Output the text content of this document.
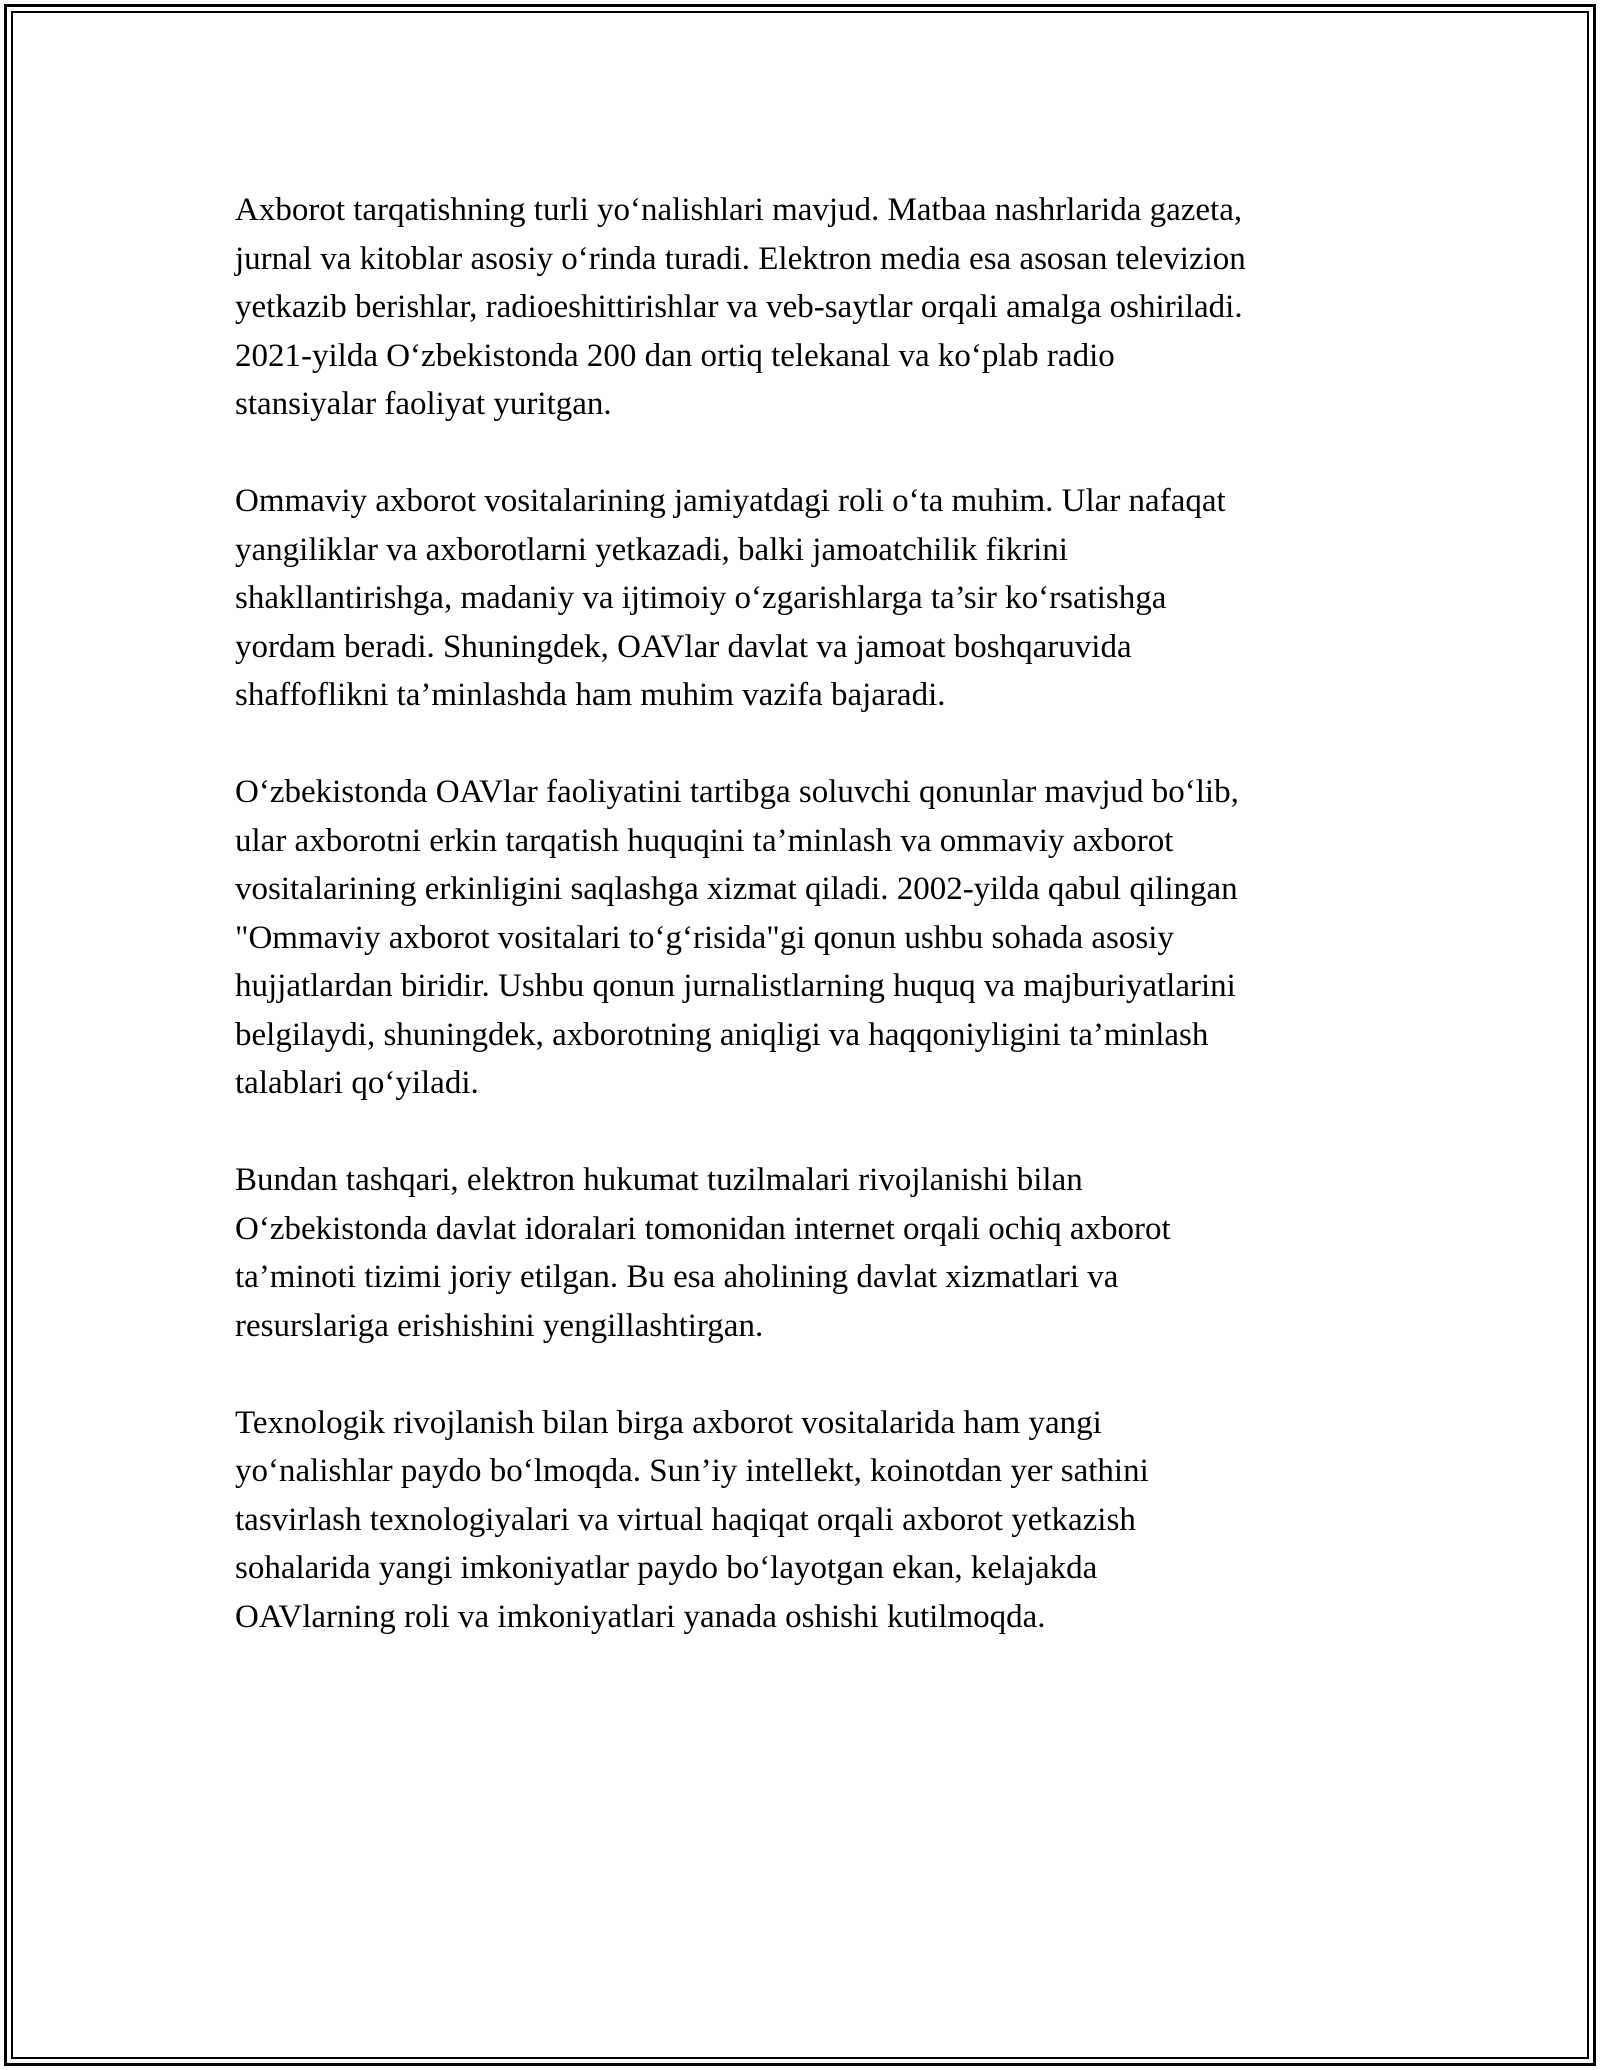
Axborot tarqatishning turli yo‘nalishlari mavjud. Matbaa nashrlarida gazeta,
jurnal va kitoblar asosiy o‘rinda turadi. Elektron media esa asosan televizion
yetkazib berishlar, radioeshittirishlar va veb-saytlar orqali amalga oshiriladi.
2021-yilda O‘zbekistonda 200 dan ortiq telekanal va ko‘plab radio
stansiyalar faoliyat yuritgan.

Ommaviy axborot vositalarining jamiyatdagi roli o‘ta muhim. Ular nafaqat
yangiliklar va axborotlarni yetkazadi, balki jamoatchilik fikrini
shakllantirishga, madaniy va ijtimoiy o‘zgarishlarga ta’sir ko‘rsatishga
yordam beradi. Shuningdek, OAVlar davlat va jamoat boshqaruvida
shaffoflikni ta’minlashda ham muhim vazifa bajaradi.

O‘zbekistonda OAVlar faoliyatini tartibga soluvchi qonunlar mavjud bo‘lib,
ular axborotni erkin tarqatish huquqini ta’minlash va ommaviy axborot
vositalarining erkinligini saqlashga xizmat qiladi. 2002-yilda qabul qilingan
"Ommaviy axborot vositalari to‘g‘risida"gi qonun ushbu sohada asosiy
hujjatlardan biridir. Ushbu qonun jurnalistlarning huquq va majburiyatlarini
belgilaydi, shuningdek, axborotning aniqligi va haqqoniyligini ta’minlash
talablari qo‘yiladi.

Bundan tashqari, elektron hukumat tuzilmalari rivojlanishi bilan
O‘zbekistonda davlat idoralari tomonidan internet orqali ochiq axborot
ta’minoti tizimi joriy etilgan. Bu esa aholining davlat xizmatlari va
resurslariga erishishini yengillashtirgan.

Texnologik rivojlanish bilan birga axborot vositalarida ham yangi
yo‘nalishlar paydo bo‘lmoqda. Sun’iy intellekt, koinotdan yer sathini
tasvirlash texnologiyalari va virtual haqiqat orqali axborot yetkazish
sohalarida yangi imkoniyatlar paydo bo‘layotgan ekan, kelajakda
OAVlarning roli va imkoniyatlari yanada oshishi kutilmoqda.
